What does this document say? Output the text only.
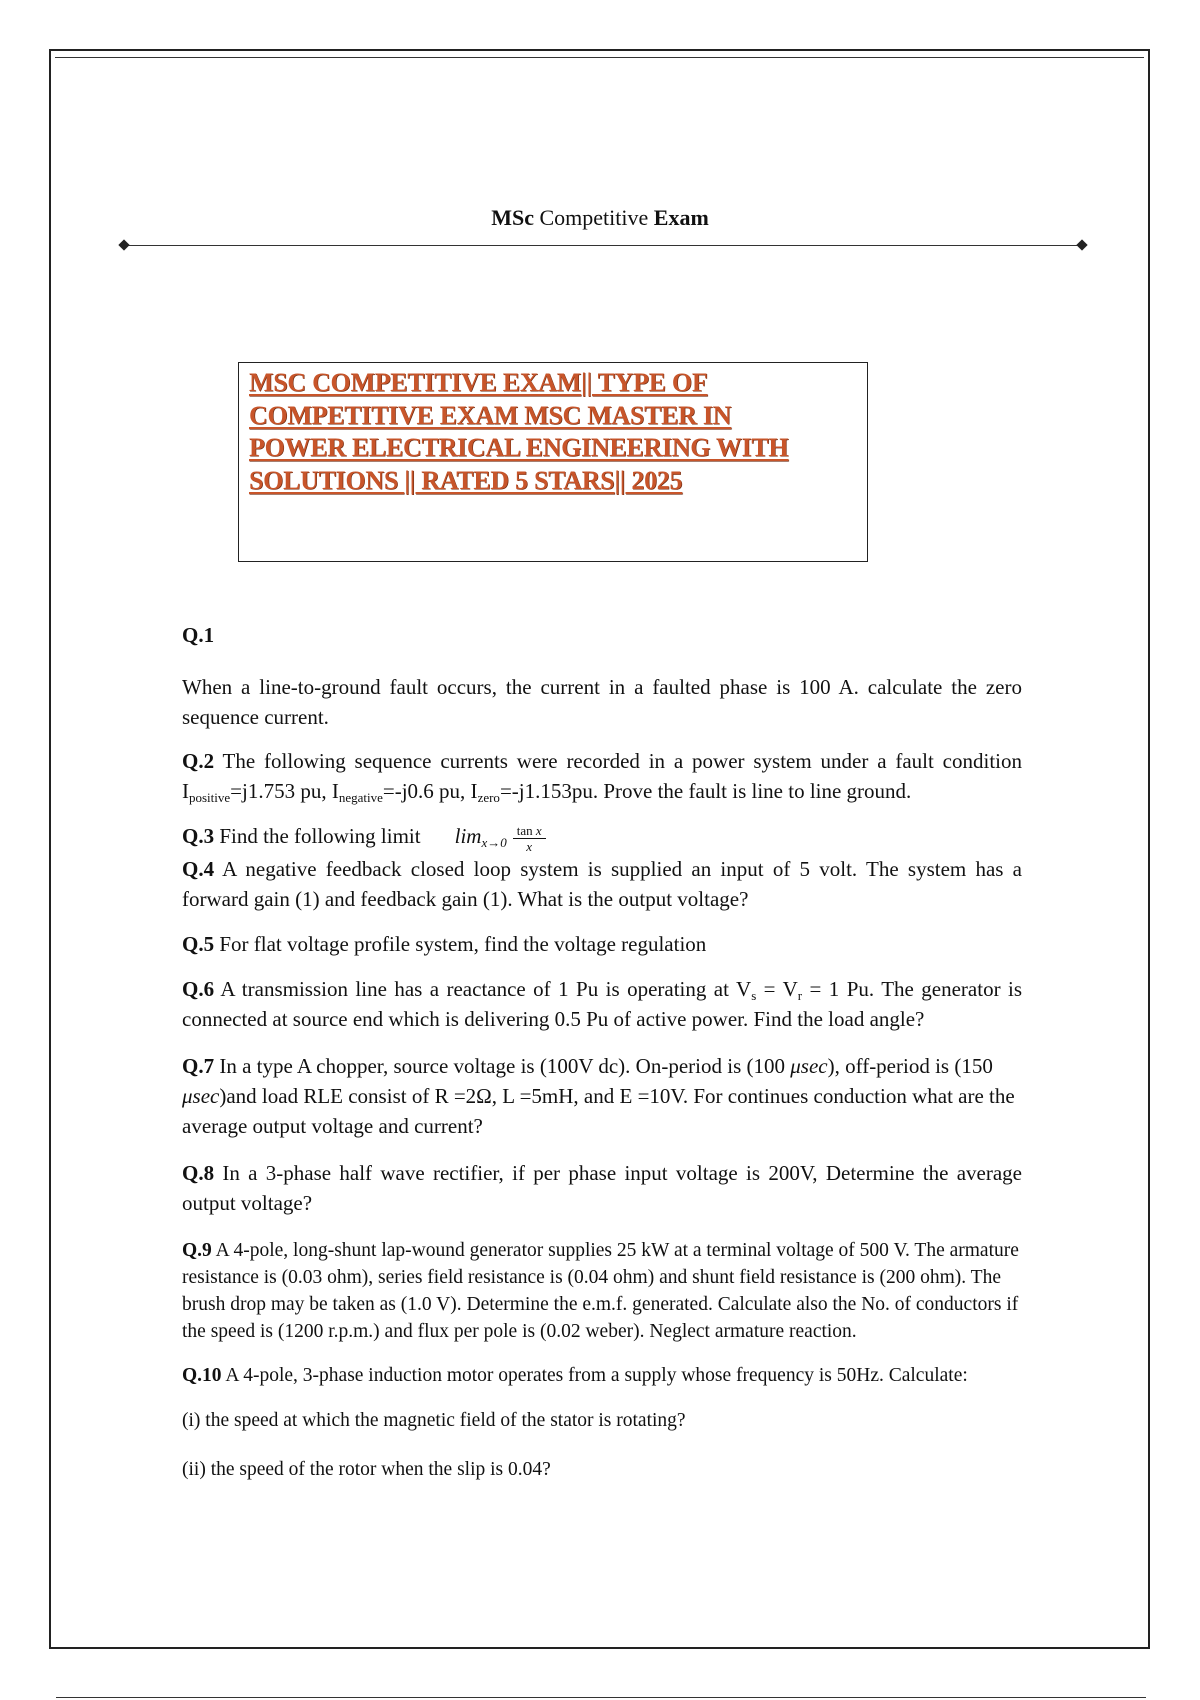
MSc Competitive Exam
MSC COMPETITIVE EXAM|| TYPE OF
COMPETITIVE EXAM MSC MASTER IN
POWER ELECTRICAL ENGINEERING WITH
SOLUTIONS || RATED 5 STARS|| 2025

Q.1

When a line-to-ground fault occurs, the current in a faulted phase is 100 A. calculate the zero sequence current.

Q.2 The following sequence currents were recorded in a power system under a fault condition $I_{positive}=j1.753$ pu, $I_{negative}=-j0.6$ pu, $I_{zero}=-j1.153pu$. Prove the fault is line to line ground.

Q.3 Find the following limit $\lim_{x\to 0} \frac{\text{tan x}}{x}$

Q.4 A negative feedback closed loop system is supplied an input of 5 volt. The system has a forward gain (1) and feedback gain (1). What is the output voltage?

Q.5 For flat voltage profile system, find the voltage regulation

Q.6 A transmission line has a reactance of 1 Pu is operating at $V_s = V_r = 1$ Pu. The generator is connected at source end which is delivering 0.5 Pu of active power. Find the load angle?

Q.7 In a type A chopper, source voltage is (100V dc). On-period is (100 μsec), off-period is (150 μsec)and load RLE consist of R =2Ω, L =5mH, and E =10V. For continues conduction what are the average output voltage and current?

Q.8 In a 3-phase half wave rectifier, if per phase input voltage is 200V, Determine the average output voltage?

Q.9 A 4-pole, long-shunt lap-wound generator supplies 25 kW at a terminal voltage of 500 V. The armature resistance is (0.03 ohm), series field resistance is (0.04 ohm) and shunt field resistance is (200 ohm). The brush drop may be taken as (1.0 V). Determine the e.m.f. generated. Calculate also the No. of conductors if the speed is (1200 r.p.m.) and flux per pole is (0.02 weber). Neglect armature reaction.

Q.10 A 4-pole, 3-phase induction motor operates from a supply whose frequency is 50Hz. Calculate:

(i) the speed at which the magnetic field of the stator is rotating?

(ii) the speed of the rotor when the slip is 0.04?
